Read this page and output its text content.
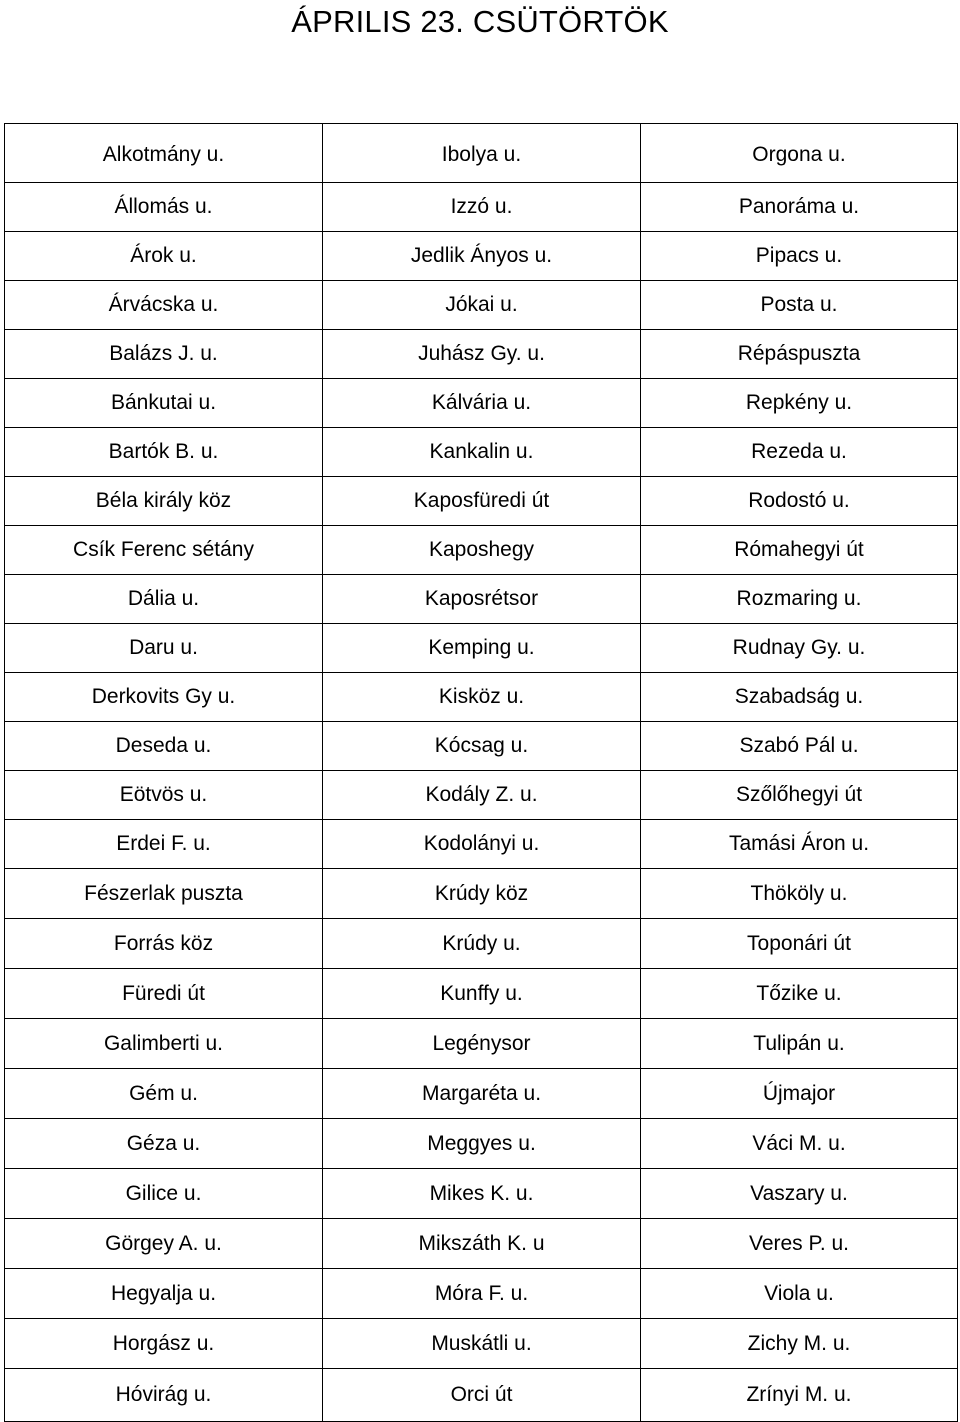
ÁPRILIS 23. CSÜTÖRTÖK
Alkotmány u.	Ibolya u.	Orgona u.
Állomás u.	Izzó u.	Panoráma u.
Árok u.	Jedlik Ányos u.	Pipacs u.
Árvácska u.	Jókai u.	Posta u.
Balázs J. u.	Juhász Gy. u.	Répáspuszta
Bánkutai u.	Kálvária u.	Repkény u.
Bartók B. u.	Kankalin u.	Rezeda u.
Béla király köz	Kaposfüredi út	Rodostó u.
Csík Ferenc sétány	Kaposhegy	Rómahegyi út
Dália u.	Kaposrétsor	Rozmaring u.
Daru u.	Kemping u.	Rudnay Gy. u.
Derkovits Gy u.	Kisköz u.	Szabadság u.
Deseda u.	Kócsag u.	Szabó Pál u.
Eötvös u.	Kodály Z. u.	Szőlőhegyi út
Erdei F. u.	Kodolányi u.	Tamási Áron u.
Fészerlak puszta	Krúdy köz	Thököly u.
Forrás köz	Krúdy u.	Toponári út
Füredi út	Kunffy u.	Tőzike u.
Galimberti u.	Legénysor	Tulipán u.
Gém u.	Margaréta u.	Újmajor
Géza u.	Meggyes u.	Váci M. u.
Gilice u.	Mikes K. u.	Vaszary u.
Görgey A. u.	Mikszáth K. u	Veres P. u.
Hegyalja u.	Móra F. u.	Viola u.
Horgász u.	Muskátli u.	Zichy M. u.
Hóvirág u.	Orci út	Zrínyi M. u.
